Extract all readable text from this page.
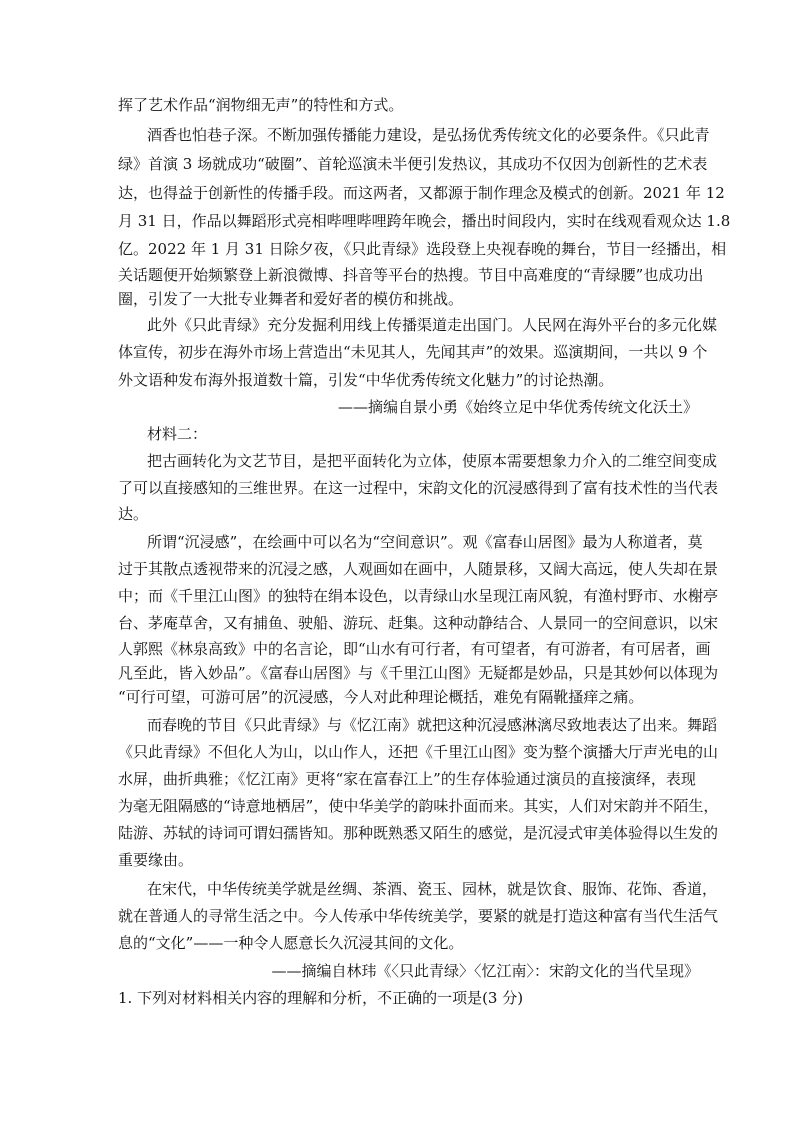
挥了艺术作品“润物细无声”的特性和方式。
酒香也怕巷子深。不断加强传播能力建设，是弘扬优秀传统文化的必要条件。《只此青
绿》首演 3 场就成功“破圈”、首轮巡演未半便引发热议，其成功不仅因为创新性的艺术表
达，也得益于创新性的传播手段。而这两者，又都源于制作理念及模式的创新。2021 年 12
月 31 日，作品以舞蹈形式亮相哔哩哔哩跨年晚会，播出时间段内，实时在线观看观众达 1.8
亿。2022 年 1 月 31 日除夕夜，《只此青绿》选段登上央视春晚的舞台，节目一经播出，相
关话题便开始频繁登上新浪微博、抖音等平台的热搜。节目中高难度的“青绿腰”也成功出
圈，引发了一大批专业舞者和爱好者的模仿和挑战。
此外《只此青绿》充分发掘利用线上传播渠道走出国门。人民网在海外平台的多元化媒
体宣传，初步在海外市场上营造出“未见其人，先闻其声”的效果。巡演期间，一共以 9 个
外文语种发布海外报道数十篇，引发“中华优秀传统文化魅力”的讨论热潮。
——摘编自景小勇《始终立足中华优秀传统文化沃土》
材料二：
把古画转化为文艺节目，是把平面转化为立体，使原本需要想象力介入的二维空间变成
了可以直接感知的三维世界。在这一过程中，宋韵文化的沉浸感得到了富有技术性的当代表
达。
所谓“沉浸感”，在绘画中可以名为“空间意识”。观《富春山居图》最为人称道者，莫
过于其散点透视带来的沉浸之感，人观画如在画中，人随景移，又阔大高远，使人失却在景
中；而《千里江山图》的独特在绢本设色，以青绿山水呈现江南风貌，有渔村野市、水榭亭
台、茅庵草舍，又有捕鱼、驶船、游玩、赶集。这种动静结合、人景同一的空间意识，以宋
人郭熙《林泉高致》中的名言论，即“山水有可行者，有可望者，有可游者，有可居者，画
凡至此，皆入妙品”。《富春山居图》与《千里江山图》无疑都是妙品，只是其妙何以体现为
“可行可望，可游可居”的沉浸感，今人对此种理论概括，难免有隔靴搔痒之痛。
而春晚的节目《只此青绿》与《忆江南》就把这种沉浸感淋漓尽致地表达了出来。舞蹈
《只此青绿》不但化人为山，以山作人，还把《千里江山图》变为整个演播大厅声光电的山
水屏，曲折典雅；《忆江南》更将“家在富春江上”的生存体验通过演员的直接演绎，表现
为毫无阻隔感的“诗意地栖居”，使中华美学的韵味扑面而来。其实，人们对宋韵并不陌生，
陆游、苏轼的诗词可谓妇孺皆知。那种既熟悉又陌生的感觉，是沉浸式审美体验得以生发的
重要缘由。
在宋代，中华传统美学就是丝绸、茶酒、瓷玉、园林，就是饮食、服饰、花饰、香道，
就在普通人的寻常生活之中。今人传承中华传统美学，要紧的就是打造这种富有当代生活气
息的“文化”——一种令人愿意长久沉浸其间的文化。
——摘编自林玮《〈只此青绿〉〈忆江南〉：宋韵文化的当代呈现》
1. 下列对材料相关内容的理解和分析，不正确的一项是(3 分)
